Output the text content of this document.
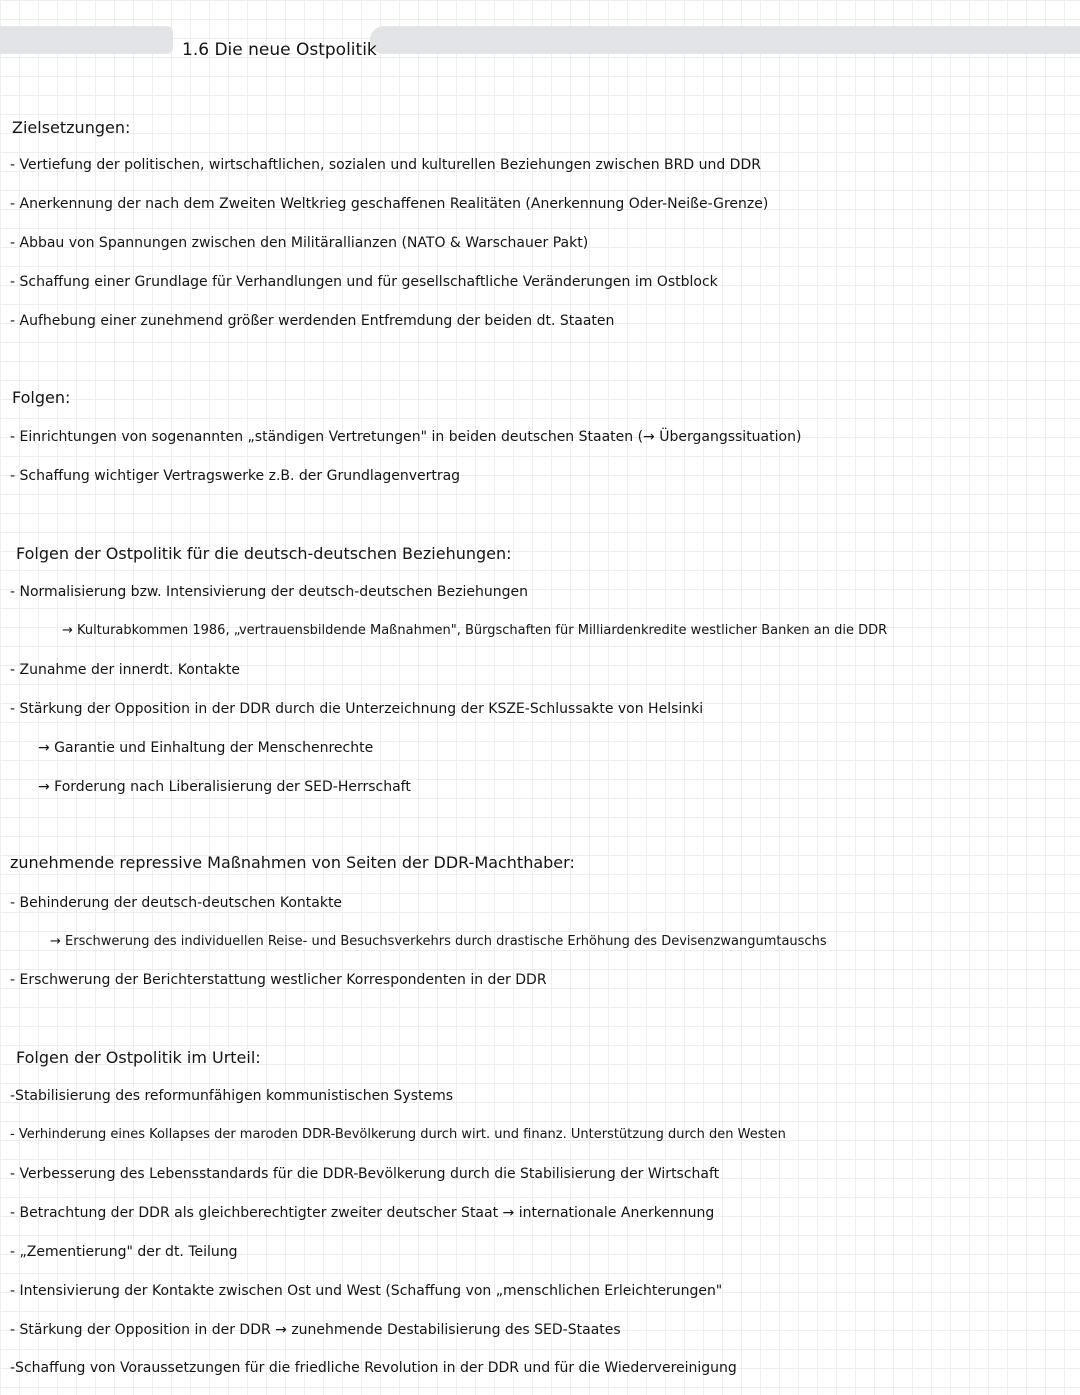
1.6 Die neue Ostpolitik
Zielsetzungen:
- Vertiefung der politischen, wirtschaftlichen, sozialen und kulturellen Beziehungen zwischen BRD und DDR
- Anerkennung der nach dem Zweiten Weltkrieg geschaffenen Realitäten (Anerkennung Oder-Neiße-Grenze)
- Abbau von Spannungen zwischen den Militärallianzen (NATO & Warschauer Pakt)
- Schaffung einer Grundlage für Verhandlungen und für gesellschaftliche Veränderungen im Ostblock
- Aufhebung einer zunehmend größer werdenden Entfremdung der beiden dt. Staaten
Folgen:
- Einrichtungen von sogenannten „ständigen Vertretungen" in beiden deutschen Staaten (→ Übergangssituation)
- Schaffung wichtiger Vertragswerke z.B. der Grundlagenvertrag
Folgen der Ostpolitik für die deutsch-deutschen Beziehungen:
- Normalisierung bzw. Intensivierung der deutsch-deutschen Beziehungen
→ Kulturabkommen 1986, „vertrauensbildende Maßnahmen", Bürgschaften für Milliardenkredite westlicher Banken an die DDR
- Zunahme der innerdt. Kontakte
- Stärkung der Opposition in der DDR durch die Unterzeichnung der KSZE-Schlussakte von Helsinki
→ Garantie und Einhaltung der Menschenrechte
→ Forderung nach Liberalisierung der SED-Herrschaft
zunehmende repressive Maßnahmen von Seiten der DDR-Machthaber:
- Behinderung der deutsch-deutschen Kontakte
→ Erschwerung des individuellen Reise- und Besuchsverkehrs durch drastische Erhöhung des Devisenzwangumtauschs
- Erschwerung der Berichterstattung westlicher Korrespondenten in der DDR
Folgen der Ostpolitik im Urteil:
-Stabilisierung des reformunfähigen kommunistischen Systems
- Verhinderung eines Kollapses der maroden DDR-Bevölkerung durch wirt. und finanz. Unterstützung durch den Westen
- Verbesserung des Lebensstandards für die DDR-Bevölkerung durch die Stabilisierung der Wirtschaft
- Betrachtung der DDR als gleichberechtigter zweiter deutscher Staat → internationale Anerkennung
- „Zementierung" der dt. Teilung
- Intensivierung der Kontakte zwischen Ost und West (Schaffung von „menschlichen Erleichterungen"
- Stärkung der Opposition in der DDR → zunehmende Destabilisierung des SED-Staates
-Schaffung von Voraussetzungen für die friedliche Revolution in der DDR und für die Wiedervereinigung
